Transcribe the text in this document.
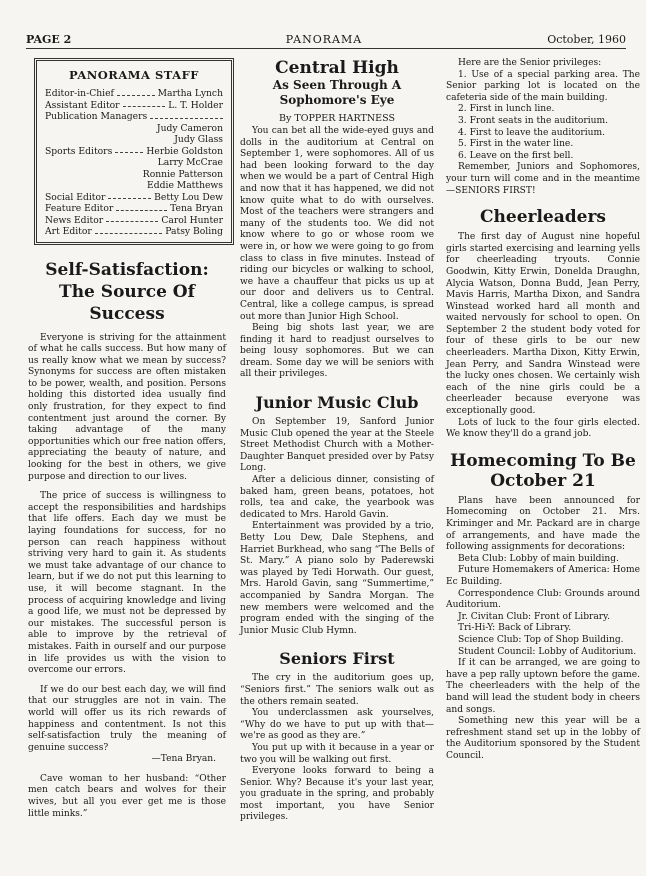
PAGE 2	PANORAMA	October, 1960
PANORAMA STAFF
Editor-in-Chief	Martha Lynch
Assistant Editor	L. T. Holder
Publication Managers
Judy Cameron
Judy Glass
Sports Editors	Herbie Goldston
Larry McCrae
Ronnie Patterson
Eddie Matthews
Social Editor	Betty Lou Dew
Feature Editor	Tena Bryan
News Editor	Carol Hunter
Art Editor	Patsy Boling
Self-Satisfaction:
The Source Of Success

Everyone is striving for the attainment of what he calls success. But how many of us really know what we mean by success? Synonyms for success are often mistaken to be power, wealth, and position. Persons holding this distorted idea usually find only frustration, for they expect to find contentment just around the corner. By taking advantage of the many opportunities which our free nation offers, appreciating the beauty of nature, and looking for the best in others, we give purpose and direction to our lives.

The price of success is willingness to accept the responsibilities and hardships that life offers. Each day we must be laying foundations for success, for no person can reach happiness without striving very hard to gain it. As students we must take advantage of our chance to learn, but if we do not put this learning to use, it will become stagnant. In the process of acquiring knowledge and living a good life, we must not be depressed by our mistakes. The successful person is able to improve by the retrieval of mistakes. Faith in ourself and our purpose in life provides us with the vision to overcome our errors.

If we do our best each day, we will find that our struggles are not in vain. The world will offer us its rich rewards of happiness and contentment. Is not this self-satisfaction truly the meaning of genuine success?

—Tena Bryan.

Cave woman to her husband: “Other men catch bears and wolves for their wives, but all you ever get me is those little minks.”

Central High

As Seen Through A Sophomore's Eye

By TOPPER HARTNESS

You can bet all the wide-eyed guys and dolls in the auditorium at Central on September 1, were sophomores. All of us had been looking forward to the day when we would be a part of Central High and now that it has happened, we did not know quite what to do with ourselves. Most of the teachers were strangers and many of the students too. We did not know where to go or whose room we were in, or how we were going to go from class to class in five minutes. Instead of riding our bicycles or walking to school, we have a chauffeur that picks us up at our door and delivers us to Central. Central, like a college campus, is spread out more than Junior High School.

Being big shots last year, we are finding it hard to readjust ourselves to being lousy sophomores. But we can dream. Some day we will be seniors with all their privileges.

Junior Music Club

On September 19, Sanford Junior Music Club opened the year at the Steele Street Methodist Church with a Mother-Daughter Banquet presided over by Patsy Long.

After a delicious dinner, consisting of baked ham, green beans, potatoes, hot rolls, tea and cake, the yearbook was dedicated to Mrs. Harold Gavin.

Entertainment was provided by a trio, Betty Lou Dew, Dale Stephens, and Harriet Burkhead, who sang “The Bells of St. Mary.” A piano solo by Paderewski was played by Tedi Horwath. Our guest, Mrs. Harold Gavin, sang “Summertime,” accompanied by Sandra Morgan. The new members were welcomed and the program ended with the singing of the Junior Music Club Hymn.

Seniors First

The cry in the auditorium goes up, “Seniors first.” The seniors walk out as the others remain seated.

You underclassmen ask yourselves, “Why do we have to put up with that—we're as good as they are.”

You put up with it because in a year or two you will be walking out first.

Everyone looks forward to being a Senior. Why? Because it's your last year, you graduate in the spring, and probably most important, you have Senior privileges.

Here are the Senior privileges:

1. Use of a special parking area. The Senior parking lot is located on the cafeteria side of the main building.

2. First in lunch line.

3. Front seats in the auditorium.

4. First to leave the auditorium.

5. First in the water line.

6. Leave on the first bell.

Remember, Juniors and Sophomores, your turn will come and in the meantime—SENIORS FIRST!

Cheerleaders

The first day of August nine hopeful girls started exercising and learning yells for cheerleading tryouts. Connie Goodwin, Kitty Erwin, Donelda Draughn, Alycia Watson, Donna Budd, Jean Perry, Mavis Harris, Martha Dixon, and Sandra Winstead worked hard all month and waited nervously for school to open. On September 2 the student body voted for four of these girls to be our new cheerleaders. Martha Dixon, Kitty Erwin, Jean Perry, and Sandra Winstead were the lucky ones chosen. We certainly wish each of the nine girls could be a cheerleader because everyone was exceptionally good.

Lots of luck to the four girls elected. We know they'll do a grand job.

Homecoming To Be
October 21

Plans have been announced for Homecoming on October 21. Mrs. Kriminger and Mr. Packard are in charge of arrangements, and have made the following assignments for decorations:

Beta Club: Lobby of main building.

Future Homemakers of America: Home Ec Building.

Correspondence Club: Grounds around Auditorium.

Jr. Civitan Club: Front of Library.

Tri-Hi-Y: Back of Library.

Science Club: Top of Shop Building.

Student Council: Lobby of Auditorium.

If it can be arranged, we are going to have a pep rally uptown before the game. The cheerleaders with the help of the band will lead the student body in cheers and songs.

Something new this year will be a refreshment stand set up in the lobby of the Auditorium sponsored by the Student Council.
